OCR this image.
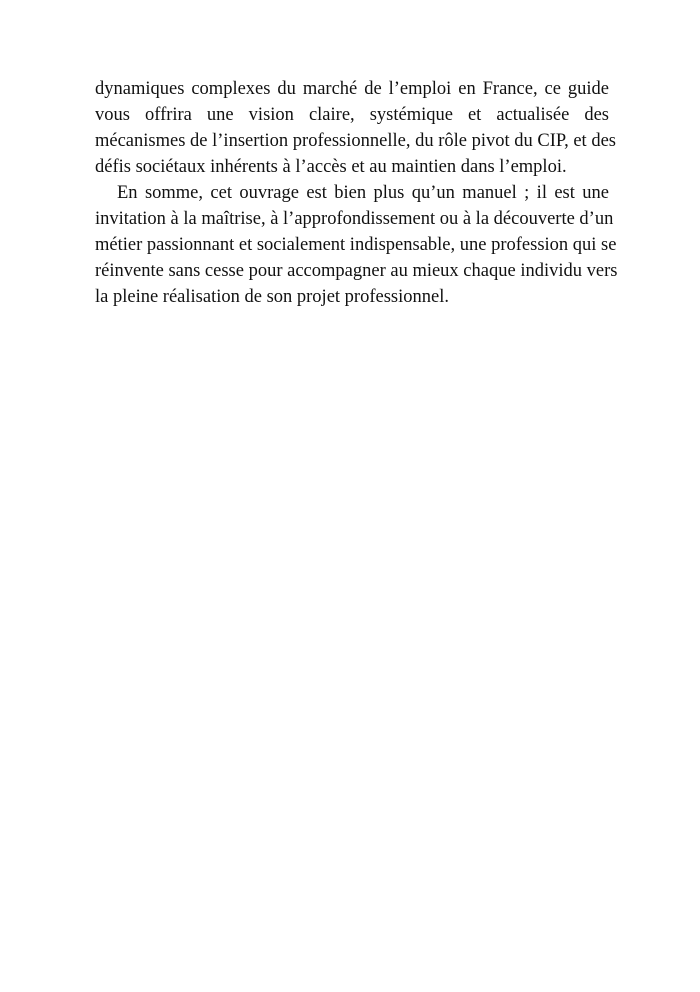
dynamiques complexes du marché de l’emploi en France, ce guide
vous offrira une vision claire, systémique et actualisée des
mécanismes de l’insertion professionnelle, du rôle pivot du CIP, et des
défis sociétaux inhérents à l’accès et au maintien dans l’emploi.
En somme, cet ouvrage est bien plus qu’un manuel ; il est une
invitation à la maîtrise, à l’approfondissement ou à la découverte d’un
métier passionnant et socialement indispensable, une profession qui se
réinvente sans cesse pour accompagner au mieux chaque individu vers
la pleine réalisation de son projet professionnel.
